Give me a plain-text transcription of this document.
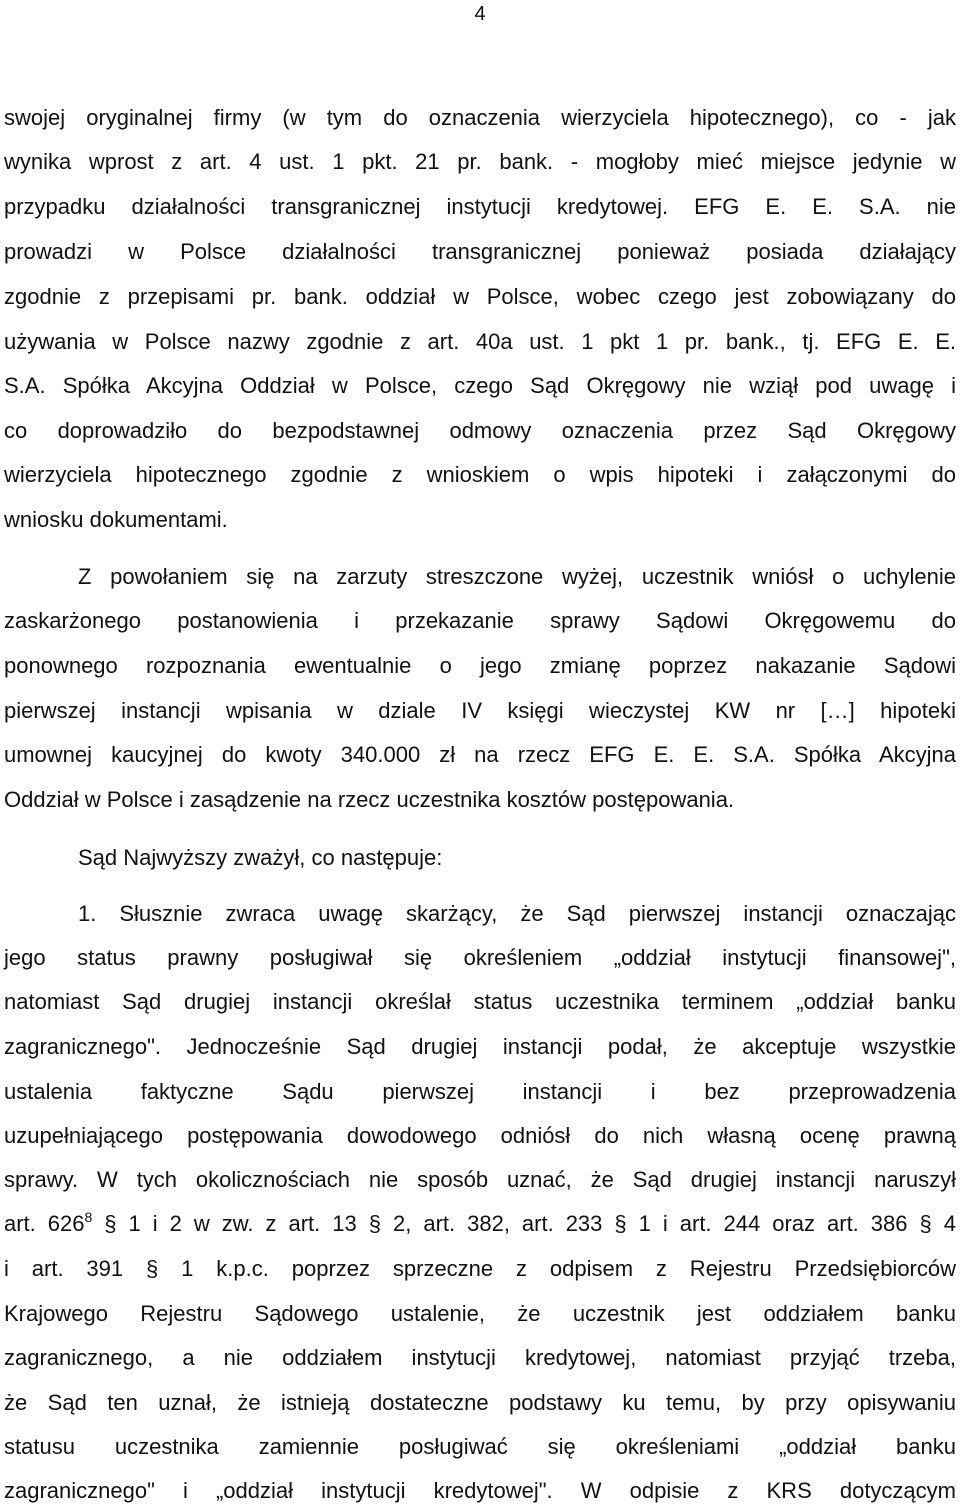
4
swojej oryginalnej firmy (w tym do oznaczenia wierzyciela hipotecznego), co - jak
wynika wprost z art. 4 ust. 1 pkt. 21 pr. bank. - mogłoby mieć miejsce jedynie w
przypadku działalności transgranicznej instytucji kredytowej. EFG E. E. S.A. nie
prowadzi w Polsce działalności transgranicznej ponieważ posiada działający
zgodnie z przepisami pr. bank. oddział w Polsce, wobec czego jest zobowiązany do
używania w Polsce nazwy zgodnie z art. 40a ust. 1 pkt 1 pr. bank., tj. EFG E. E.
S.A. Spółka Akcyjna Oddział w Polsce, czego Sąd Okręgowy nie wziął pod uwagę i
co doprowadziło do bezpodstawnej odmowy oznaczenia przez Sąd Okręgowy
wierzyciela hipotecznego zgodnie z wnioskiem o wpis hipoteki i załączonymi do
wniosku dokumentami.
Z powołaniem się na zarzuty streszczone wyżej, uczestnik wniósł o uchylenie
zaskarżonego postanowienia i przekazanie sprawy Sądowi Okręgowemu do
ponownego rozpoznania ewentualnie o jego zmianę poprzez nakazanie Sądowi
pierwszej instancji wpisania w dziale IV księgi wieczystej KW nr […] hipoteki
umownej kaucyjnej do kwoty 340.000 zł na rzecz EFG E. E. S.A. Spółka Akcyjna
Oddział w Polsce i zasądzenie na rzecz uczestnika kosztów postępowania.
Sąd Najwyższy zważył, co następuje:
1. Słusznie zwraca uwagę skarżący, że Sąd pierwszej instancji oznaczając
jego status prawny posługiwał się określeniem „oddział instytucji finansowej",
natomiast Sąd drugiej instancji określał status uczestnika terminem „oddział banku
zagranicznego". Jednocześnie Sąd drugiej instancji podał, że akceptuje wszystkie
ustalenia faktyczne Sądu pierwszej instancji i bez przeprowadzenia
uzupełniającego postępowania dowodowego odniósł do nich własną ocenę prawną
sprawy. W tych okolicznościach nie sposób uznać, że Sąd drugiej instancji naruszył
art. $626^8$ § 1 i 2 w zw. z art. 13 § 2, art. 382, art. 233 § 1 i art. 244 oraz art. 386 § 4
i art. 391 § 1 k.p.c. poprzez sprzeczne z odpisem z Rejestru Przedsiębiorców
Krajowego Rejestru Sądowego ustalenie, że uczestnik jest oddziałem banku
zagranicznego, a nie oddziałem instytucji kredytowej, natomiast przyjąć trzeba,
że Sąd ten uznał, że istnieją dostateczne podstawy ku temu, by przy opisywaniu
statusu uczestnika zamiennie posługiwać się określeniami „oddział banku
zagranicznego" i „oddział instytucji kredytowej". W odpisie z KRS dotyczącym
